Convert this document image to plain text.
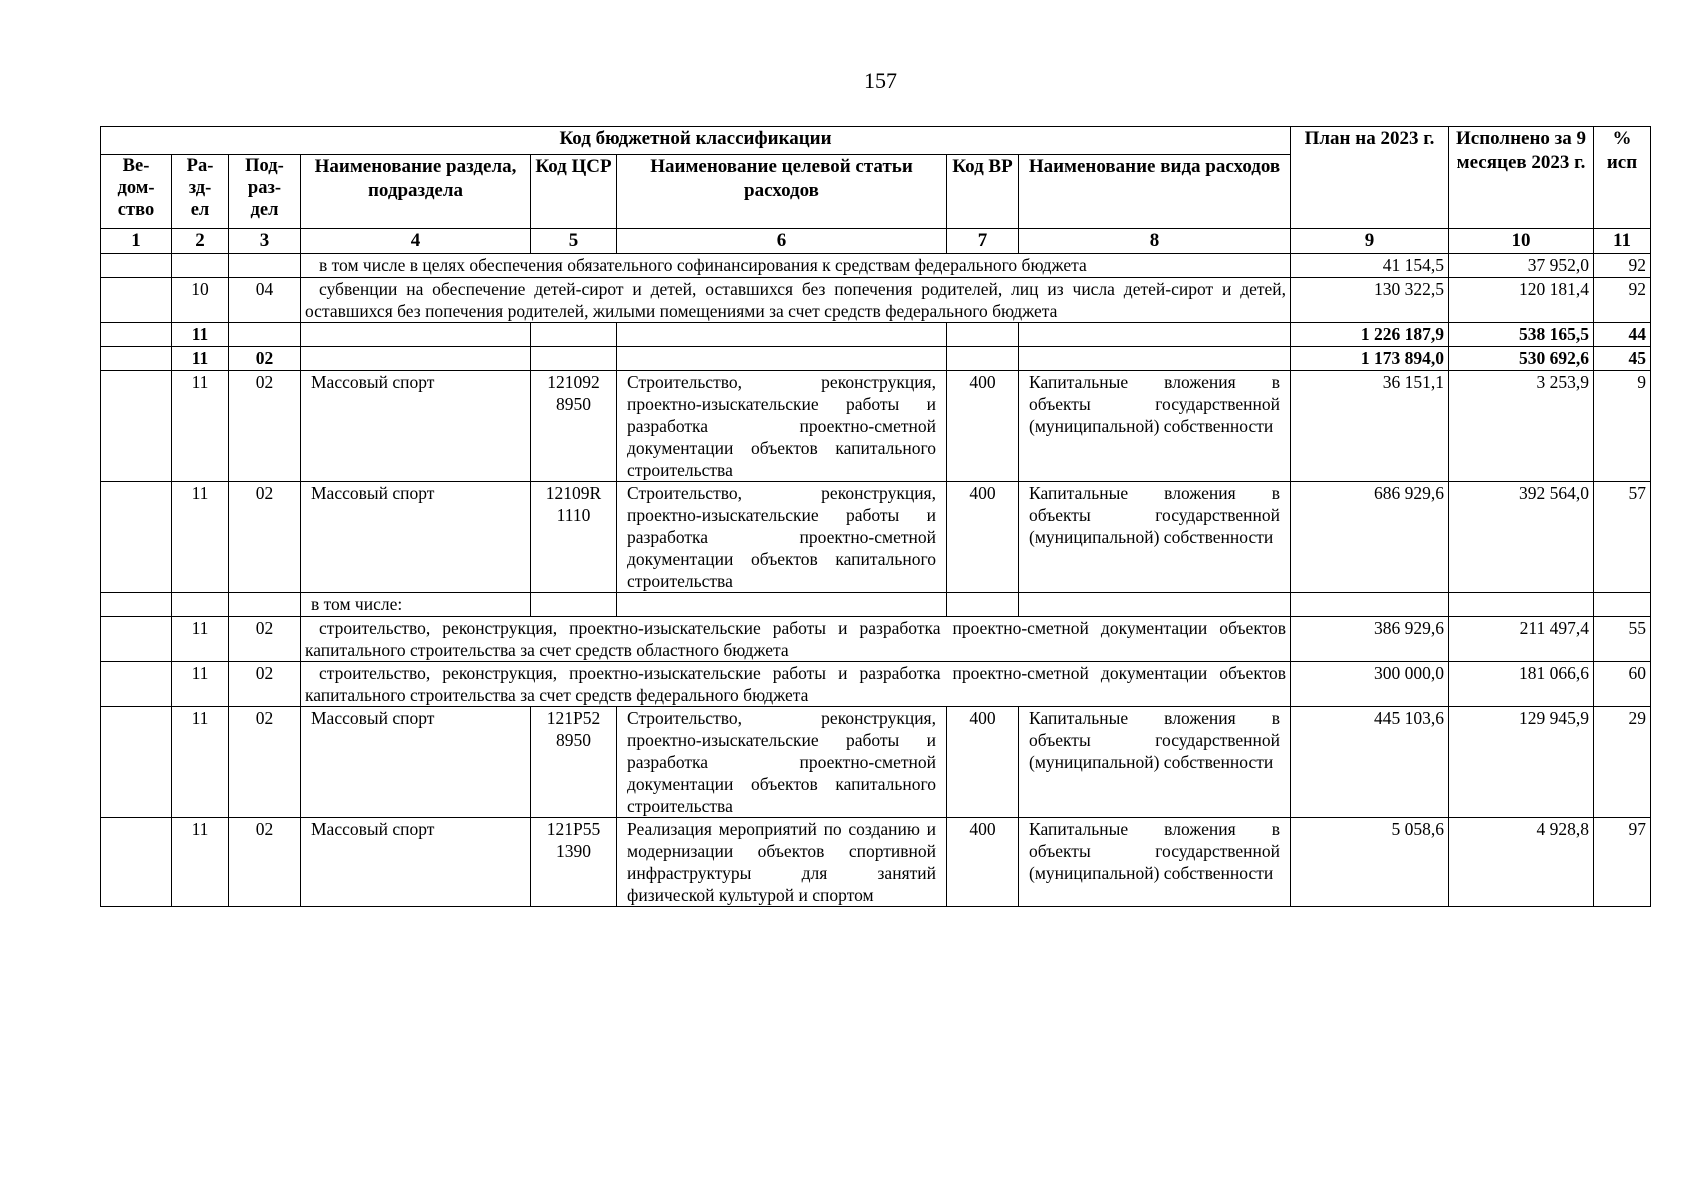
157
Код бюджетной классификации								План на 2023 г.	Исполнено за 9 месяцев 2023 г.	% исп
Ве-
дом-
ство	Ра-
зд-
ел	Под-
раз-
дел	Наименование раздела, подраздела	Код ЦСР	Наименование целевой статьи расходов	Код ВР	Наименование вида расходов			
1	2	3	4	5	6	7	8	9	10	11
			в том числе в целях обеспечения обязательного софинансирования к средствам федерального бюджета					41 154,5	37 952,0	92
	10	04	субвенции на обеспечение детей-сирот и детей, оставшихся без попечения родителей, лиц из числа детей-сирот и детей, оставшихся без попечения родителей, жилыми помещениями за счет средств федерального бюджета					130 322,5	120 181,4	92
	11							1 226 187,9	538 165,5	44
	11	02						1 173 894,0	530 692,6	45
	11	02	Массовый спорт	121092 8950	Строительство, реконструкция, проектно-изыскательские работы и разработка проектно-сметной документации объектов капитального строительства	400	Капитальные вложения в объекты государственной (муниципальной) собственности	36 151,1	3 253,9	9
	11	02	Массовый спорт	12109R 1110	Строительство, реконструкция, проектно-изыскательские работы и разработка проектно-сметной документации объектов капитального строительства	400	Капитальные вложения в объекты государственной (муниципальной) собственности	686 929,6	392 564,0	57
			в том числе:							
	11	02	строительство, реконструкция, проектно-изыскательские работы и разработка проектно-сметной документации объектов капитального строительства за счет средств областного бюджета					386 929,6	211 497,4	55
	11	02	строительство, реконструкция, проектно-изыскательские работы и разработка проектно-сметной документации объектов капитального строительства за счет средств федерального бюджета					300 000,0	181 066,6	60
	11	02	Массовый спорт	121P52 8950	Строительство, реконструкция, проектно-изыскательские работы и разработка проектно-сметной документации объектов капитального строительства	400	Капитальные вложения в объекты государственной (муниципальной) собственности	445 103,6	129 945,9	29
	11	02	Массовый спорт	121P55 1390	Реализация мероприятий по созданию и модернизации объектов спортивной инфраструктуры для занятий физической культурой и спортом	400	Капитальные вложения в объекты государственной (муниципальной) собственности	5 058,6	4 928,8	97
